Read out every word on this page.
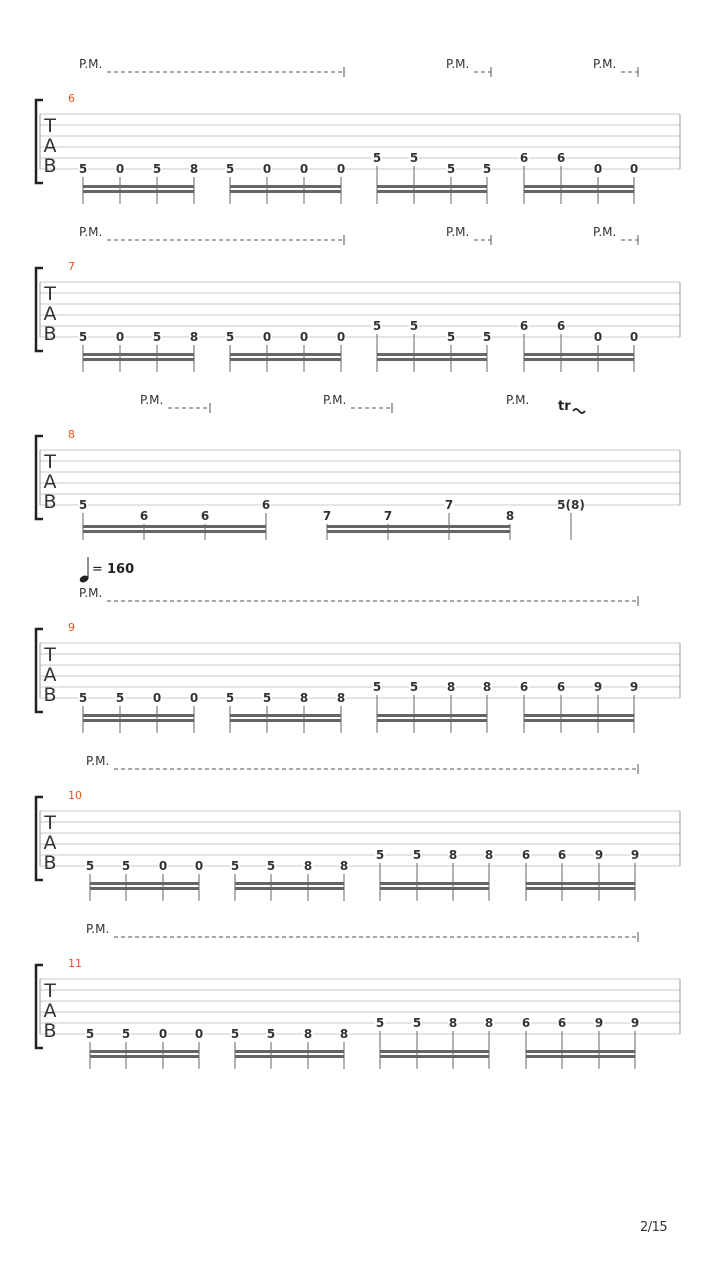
T
A
B
6
P.M.	P.M.	P.M.
5 0 5 8 5 0 0 0
5 5
5 5
6 6
0 0
T
A
B
7
P.M.	P.M.	P.M.
5 0 5 8 5 0 0 0
5 5
5 5
6 6
0 0
T
A
B
8
P.M.	P.M.	P.M. tr
5
6	6
6
7	7
7
8
5(8)
T
A
B
9
P.M.
= 160
5 5 0 0 5 5 8 8
5 5 8 8 6 6 9 9
T
A
B
10
P.M.
5 5 0 0 5 5 8 8
5 5 8 8 6 6 9 9
T
A
B
11
P.M.
5 5 0 0 5 5 8 8
5 5 8 8 6 6 9 9
2/15
